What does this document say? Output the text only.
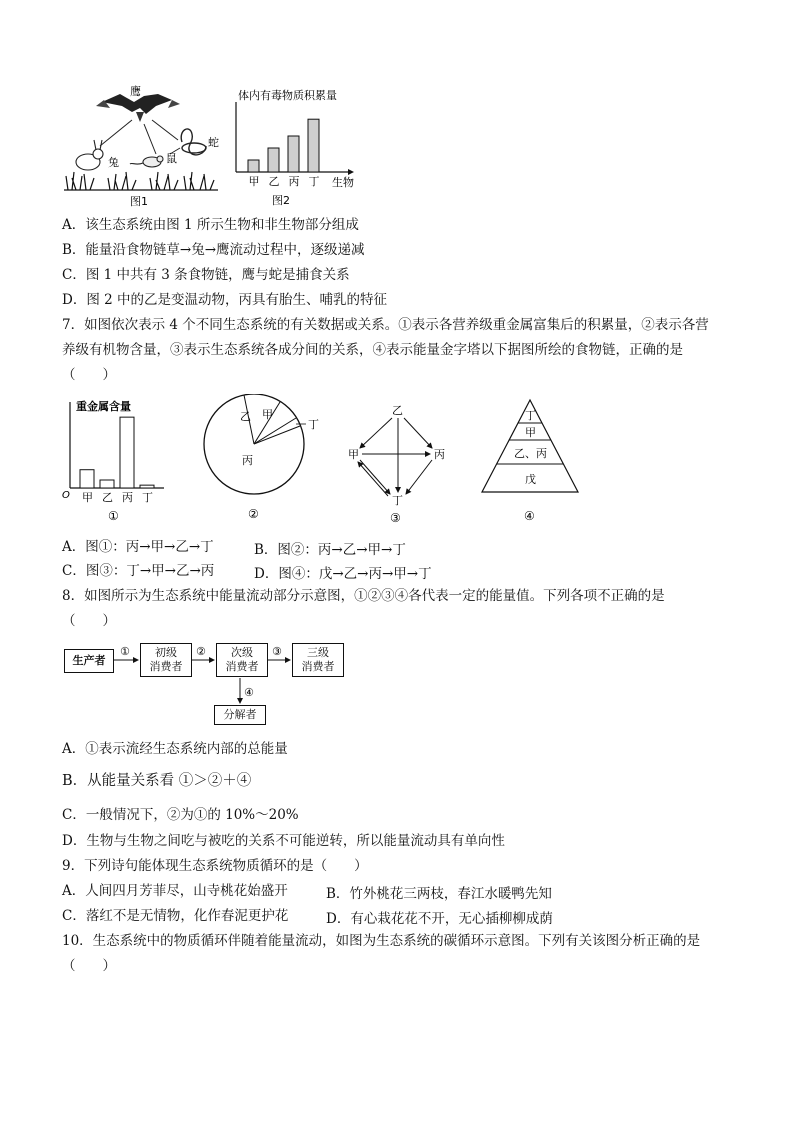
鹰
蛇
兔	鼠
图1
体内有毒物质积累量
甲 乙 丙 丁 生物
图2
A．该生态系统由图 1 所示生物和非生物部分组成
B．能量沿食物链草→兔→鹰流动过程中，逐级递减
C．图 1 中共有 3 条食物链，鹰与蛇是捕食关系
D．图 2 中的乙是变温动物，丙具有胎生、哺乳的特征
7．如图依次表示 4 个不同生态系统的有关数据或关系。①表示各营养级重金属富集后的积累量，②表示各营
养级有机物含量，③表示生态系统各成分间的关系，④表示能量金字塔以下据图所绘的食物链，正确的是
（　　）
重金属含量
O 甲 乙 丙 丁
①
乙 甲
丁
丙
②
乙
甲	丙
丁
③
丁
甲
乙、丙
戊
④
A．图①：丙→甲→乙→丁	B．图②：丙→乙→甲→丁
C．图③：丁→甲→乙→丙	D．图④：戊→乙→丙→甲→丁
8．如图所示为生态系统中能量流动部分示意图，①②③④各代表一定的能量值。下列各项不正确的是
（　　）
生产者
初级
消费者
次级
消费者
三级
消费者
分解者
①	②	③
④
A．①表示流经生态系统内部的总能量
B．从能量关系看 ①＞②＋④
C．一般情况下，②为①的 10%～20%
D．生物与生物之间吃与被吃的关系不可能逆转，所以能量流动具有单向性
9．下列诗句能体现生态系统物质循环的是（　　）
A．人间四月芳菲尽，山寺桃花始盛开	B．竹外桃花三两枝，春江水暖鸭先知
C．落红不是无情物，化作春泥更护花	D．有心栽花花不开，无心插柳柳成荫
10．生态系统中的物质循环伴随着能量流动，如图为生态系统的碳循环示意图。下列有关该图分析正确的是
（　　）
